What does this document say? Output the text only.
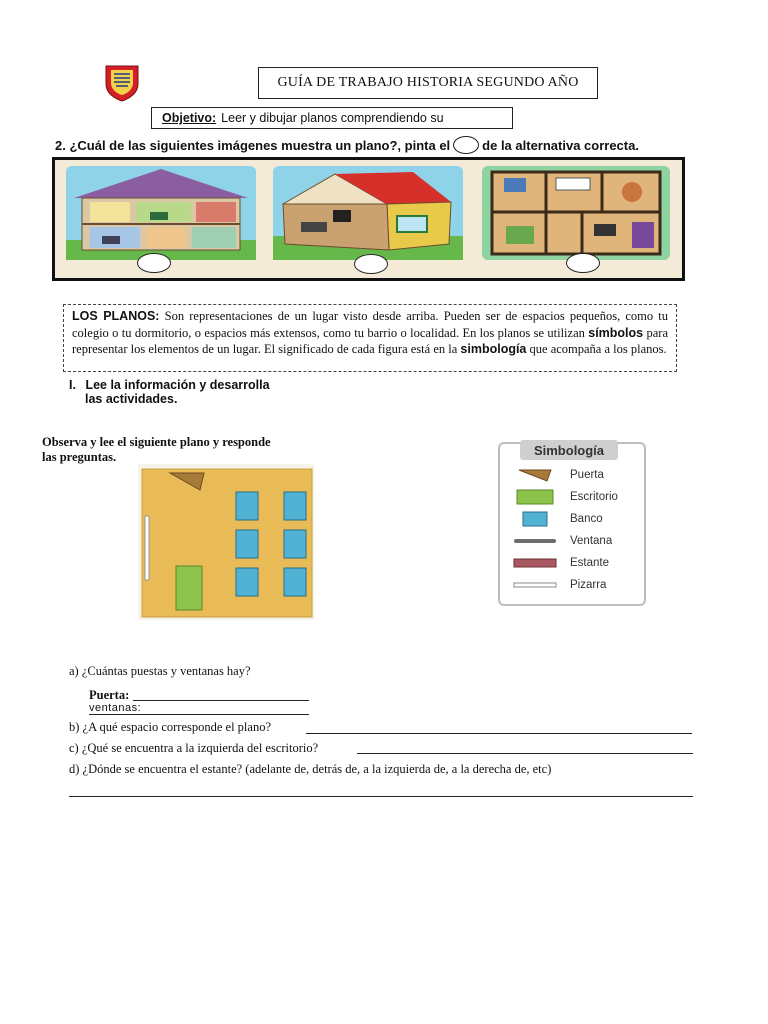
GUÍA DE TRABAJO HISTORIA SEGUNDO AÑO
Objetivo: Leer y dibujar planos comprendiendo su
2. ¿Cuál de las siguientes imágenes muestra un plano?, pinta el de la alternativa correcta.
LOS PLANOS: Son representaciones de un lugar visto desde arriba. Pueden ser de espacios pequeños, como tu colegio o tu dormitorio, o espacios más extensos, como tu barrio o localidad. En los planos se utilizan símbolos para representar los elementos de un lugar. El significado de cada figura está en la simbología que acompaña a los planos.
I. Lee la información y desarrolla
las actividades.
Observa y lee el siguiente plano y responde
las preguntas.	Simbología
Puerta
Escritorio
Banco
Ventana
Estante
Pizarra
a) ¿Cuántas puestas y ventanas hay?
Puerta:
ventanas:
b) ¿A qué espacio corresponde el plano?
c) ¿Qué se encuentra a la izquierda del escritorio?
d) ¿Dónde se encuentra el estante? (adelante de, detrás de, a la izquierda de, a la derecha de, etc)
